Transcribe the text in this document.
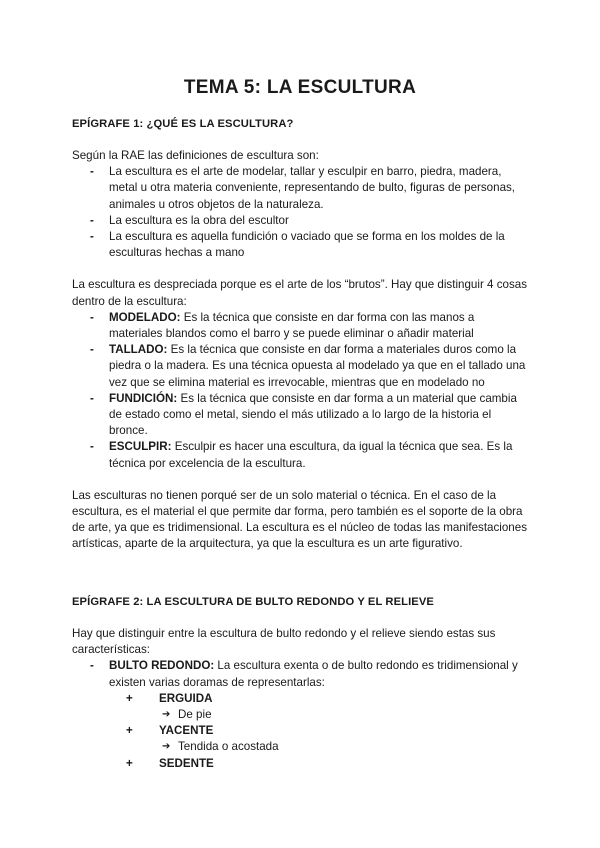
TEMA 5: LA ESCULTURA
EPÍGRAFE 1: ¿QUÉ ES LA ESCULTURA?

Según la RAE las definiciones de escultura son:

- La escultura es el arte de modelar, tallar y esculpir en barro, piedra, madera, metal u otra materia conveniente, representando de bulto, figuras de personas, animales u otros objetos de la naturaleza.
- La escultura es la obra del escultor
- La escultura es aquella fundición o vaciado que se forma en los moldes de la esculturas hechas a mano

La escultura es despreciada porque es el arte de los “brutos”. Hay que distinguir 4 cosas dentro de la escultura:

- MODELADO: Es la técnica que consiste en dar forma con las manos a materiales blandos como el barro y se puede eliminar o añadir material
- TALLADO: Es la técnica que consiste en dar forma a materiales duros como la piedra o la madera. Es una técnica opuesta al modelado ya que en el tallado una vez que se elimina material es irrevocable, mientras que en modelado no
- FUNDICIÓN: Es la técnica que consiste en dar forma a un material que cambia de estado como el metal, siendo el más utilizado a lo largo de la historia el bronce.
- ESCULPIR: Esculpir es hacer una escultura, da igual la técnica que sea. Es la técnica por excelencia de la escultura.

Las esculturas no tienen porqué ser de un solo material o técnica. En el caso de la escultura, es el material el que permite dar forma, pero también es el soporte de la obra de arte, ya que es tridimensional. La escultura es el núcleo de todas las manifestaciones artísticas, aparte de la arquitectura, ya que la escultura es un arte figurativo.

EPÍGRAFE 2: LA ESCULTURA DE BULTO REDONDO Y EL RELIEVE

Hay que distinguir entre la escultura de bulto redondo y el relieve siendo estas sus características:

- BULTO REDONDO: La escultura exenta o de bulto redondo es tridimensional y existen varias doramas de representarlas:
+ ERGUIDA
➔ De pie
+ YACENTE
➔ Tendida o acostada
+ SEDENTE
